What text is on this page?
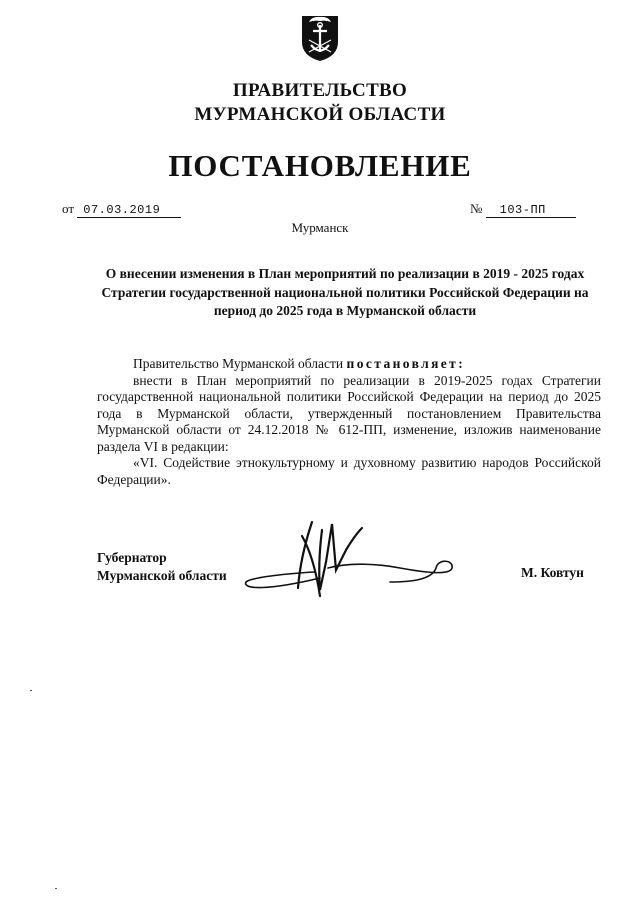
ПРАВИТЕЛЬСТВО
МУРМАНСКОЙ ОБЛАСТИ
ПОСТАНОВЛЕНИЕ
от 07.03.2019	№ 103-ПП
Мурманск
О внесении изменения в План мероприятий по реализации в 2019 - 2025 годах Стратегии государственной национальной политики Российской Федерации на период до 2025 года в Мурманской области

Правительство Мурманской области постановляет:

внести в План мероприятий по реализации в 2019-2025 годах Стратегии государственной национальной политики Российской Федерации на период до 2025 года в Мурманской области, утвержденный постановлением Правительства Мурманской области от 24.12.2018 № 612-ПП, изменение, изложив наименование раздела VI в редакции:

«VI. Содействие этнокультурному и духовному развитию народов Российской Федерации».

Губернатор
Мурманской области	М. Ковтун
